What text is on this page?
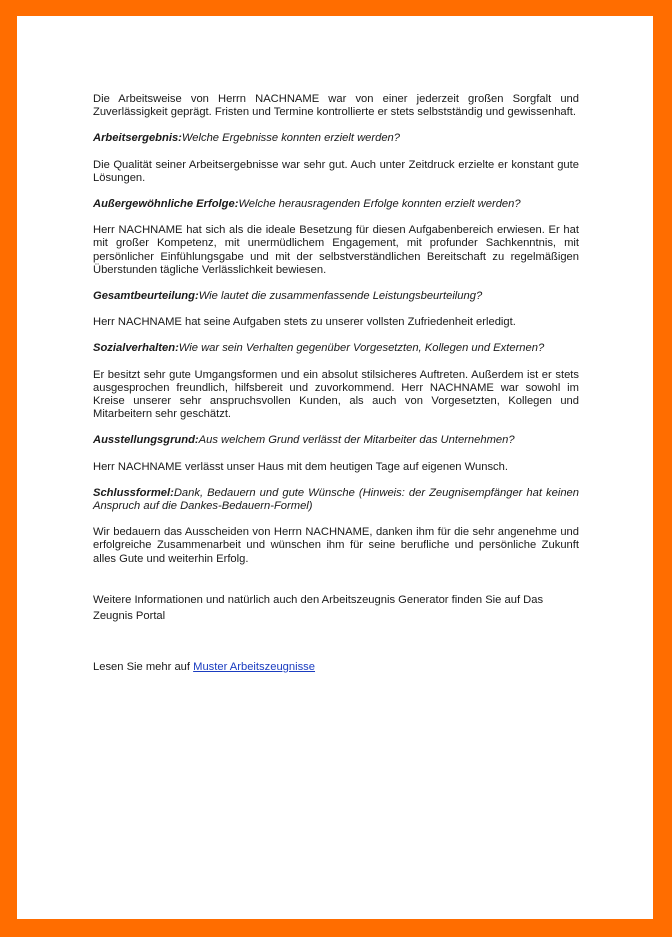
Die Arbeitsweise von Herrn NACHNAME war von einer jederzeit großen Sorgfalt und Zuverlässigkeit geprägt. Fristen und Termine kontrollierte er stets selbstständig und gewissenhaft.

Arbeitsergebnis:Welche Ergebnisse konnten erzielt werden?

Die Qualität seiner Arbeitsergebnisse war sehr gut. Auch unter Zeitdruck erzielte er konstant gute Lösungen.

Außergewöhnliche Erfolge:Welche herausragenden Erfolge konnten erzielt werden?

Herr NACHNAME hat sich als die ideale Besetzung für diesen Aufgabenbereich erwiesen. Er hat mit großer Kompetenz, mit unermüdlichem Engagement, mit profunder Sachkenntnis, mit persönlicher Einfühlungsgabe und mit der selbstverständlichen Bereitschaft zu regelmäßigen Überstunden tägliche Verlässlichkeit bewiesen.

Gesamtbeurteilung:Wie lautet die zusammenfassende Leistungsbeurteilung?

Herr NACHNAME hat seine Aufgaben stets zu unserer vollsten Zufriedenheit erledigt.

Sozialverhalten:Wie war sein Verhalten gegenüber Vorgesetzten, Kollegen und Externen?

Er besitzt sehr gute Umgangsformen und ein absolut stilsicheres Auftreten. Außerdem ist er stets ausgesprochen freundlich, hilfsbereit und zuvorkommend. Herr NACHNAME war sowohl im Kreise unserer sehr anspruchsvollen Kunden, als auch von Vorgesetzten, Kollegen und Mitarbeitern sehr geschätzt.

Ausstellungsgrund:Aus welchem Grund verlässt der Mitarbeiter das Unternehmen?

Herr NACHNAME verlässt unser Haus mit dem heutigen Tage auf eigenen Wunsch.

Schlussformel:Dank, Bedauern und gute Wünsche (Hinweis: der Zeugnisempfänger hat keinen Anspruch auf die Dankes-Bedauern-Formel)

Wir bedauern das Ausscheiden von Herrn NACHNAME, danken ihm für die sehr angenehme und erfolgreiche Zusammenarbeit und wünschen ihm für seine berufliche und persönliche Zukunft alles Gute und weiterhin Erfolg.

Weitere Informationen und natürlich auch den Arbeitszeugnis Generator finden Sie auf Das Zeugnis Portal

Lesen Sie mehr auf Muster Arbeitszeugnisse
